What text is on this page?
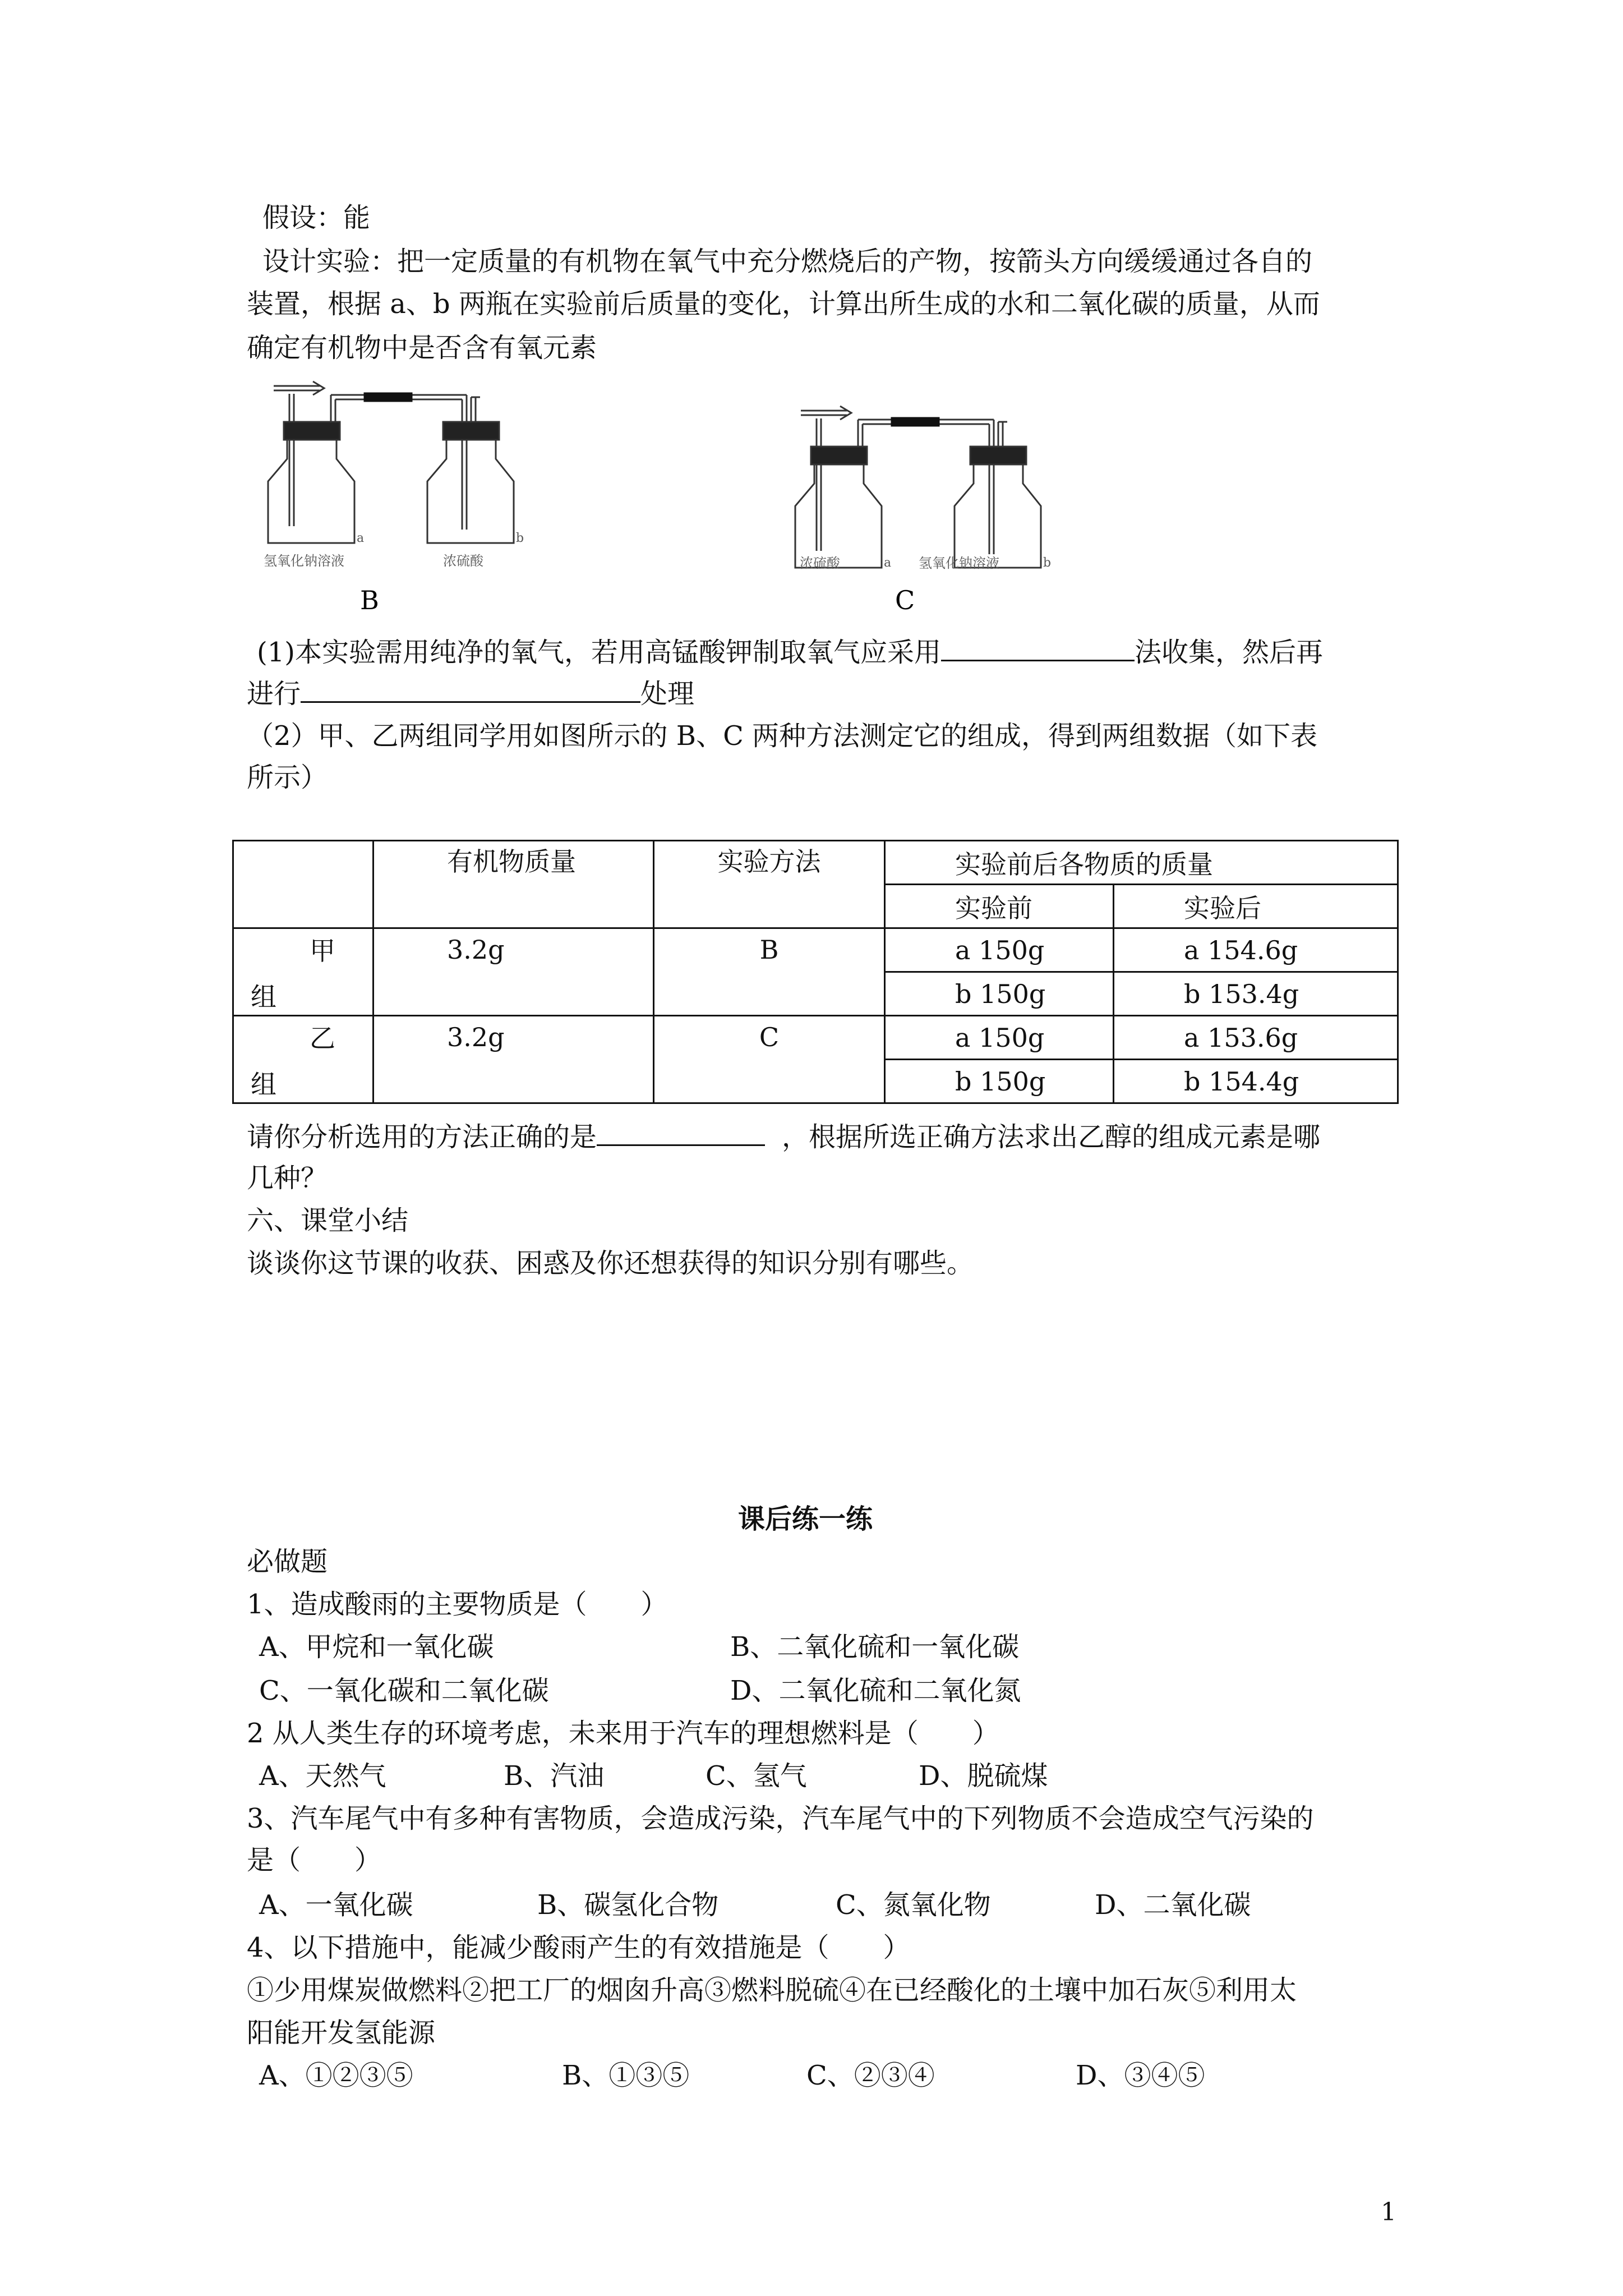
假设：能
设计实验：把一定质量的有机物在氧气中充分燃烧后的产物，按箭头方向缓缓通过各自的
装置，根据 a、b 两瓶在实验前后质量的变化，计算出所生成的水和二氧化碳的质量，从而
确定有机物中是否含有氧元素
a	b
氢氧化钠溶液	浓硫酸
B
a	b
浓硫酸	氢氧化钠溶液
C
(1)本实验需用纯净的氧气，若用高锰酸钾制取氧气应采用	法收集，然后再
进行	处理
（2）甲、乙两组同学用如图所示的 B、C 两种方法测定它的组成，得到两组数据（如下表
所示）
	有机物质量	实验方法	实验前后各物质的质量	
			实验前	实验后

甲
组	3.2g	B	a 150g	a 154.6g
			b 150g	b 153.4g

乙
组	3.2g	C	a 150g	a 153.6g
			b 150g	b 154.4g
请你分析选用的方法正确的是	，根据所选正确方法求出乙醇的组成元素是哪
几种？
六、课堂小结
谈谈你这节课的收获、困惑及你还想获得的知识分别有哪些。
课后练一练
必做题
1、造成酸雨的主要物质是（　　）
A、甲烷和一氧化碳	B、二氧化硫和一氧化碳
C、一氧化碳和二氧化碳	D、二氧化硫和二氧化氮
2 从人类生存的环境考虑，未来用于汽车的理想燃料是（　　）
A、天然气	B、汽油	C、氢气	D、脱硫煤
3、汽车尾气中有多种有害物质，会造成污染，汽车尾气中的下列物质不会造成空气污染的
是（　　）
A、一氧化碳	B、碳氢化合物	C、氮氧化物	D、二氧化碳
4、以下措施中，能减少酸雨产生的有效措施是（　　）
①少用煤炭做燃料②把工厂的烟囱升高③燃料脱硫④在已经酸化的土壤中加石灰⑤利用太
阳能开发氢能源
A、①②③⑤	B、①③⑤	C、②③④	D、③④⑤
1
